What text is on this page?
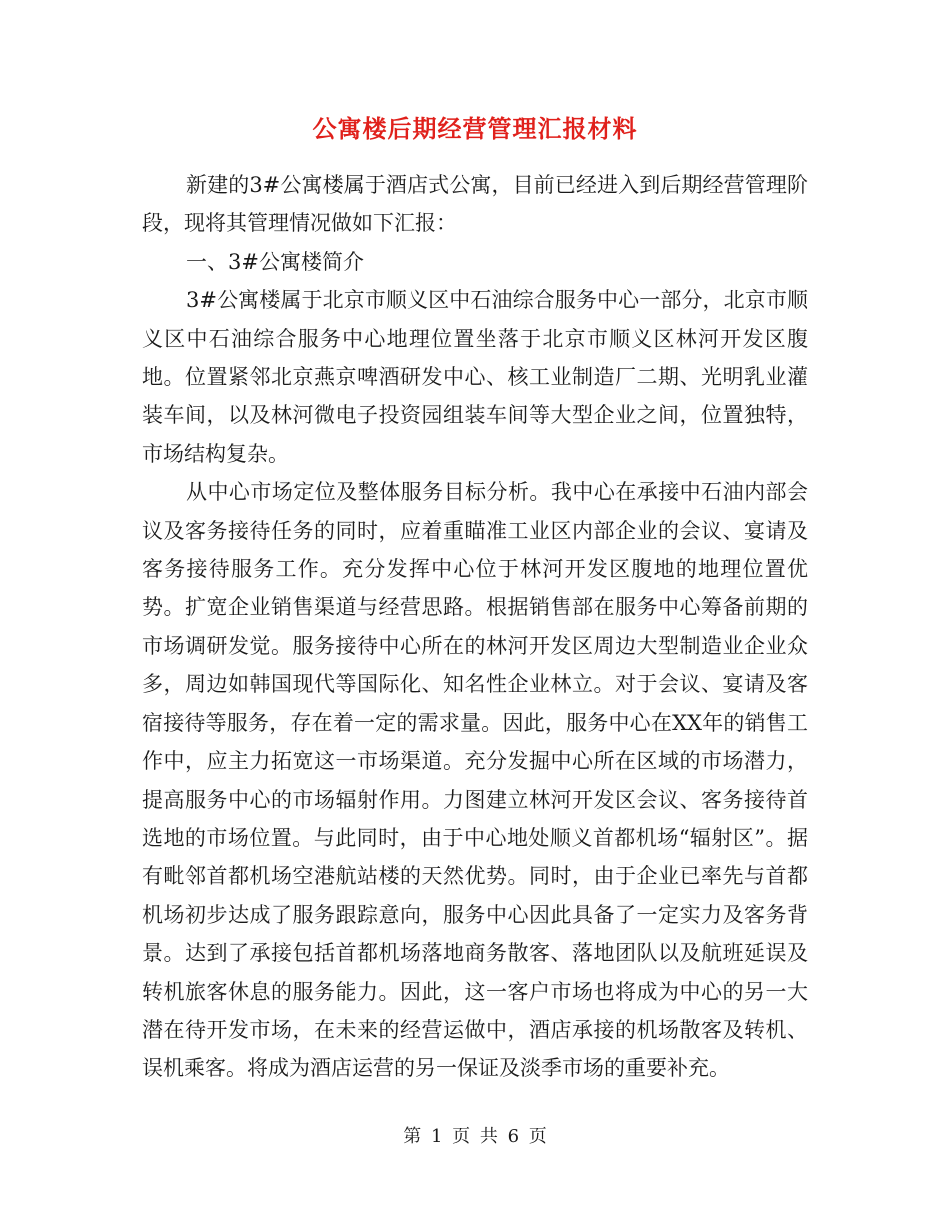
公寓楼后期经营管理汇报材料

新建的3#公寓楼属于酒店式公寓，目前已经进入到后期经营管理阶段，现将其管理情况做如下汇报：

一、3#公寓楼简介

3#公寓楼属于北京市顺义区中石油综合服务中心一部分，北京市顺义区中石油综合服务中心地理位置坐落于北京市顺义区林河开发区腹地。位置紧邻北京燕京啤酒研发中心、核工业制造厂二期、光明乳业灌装车间，以及林河微电子投资园组装车间等大型企业之间，位置独特，市场结构复杂。

从中心市场定位及整体服务目标分析。我中心在承接中石油内部会议及客务接待任务的同时，应着重瞄准工业区内部企业的会议、宴请及客务接待服务工作。充分发挥中心位于林河开发区腹地的地理位置优势。扩宽企业销售渠道与经营思路。根据销售部在服务中心筹备前期的市场调研发觉。服务接待中心所在的林河开发区周边大型制造业企业众多，周边如韩国现代等国际化、知名性企业林立。对于会议、宴请及客宿接待等服务，存在着一定的需求量。因此，服务中心在XX年的销售工作中，应主力拓宽这一市场渠道。充分发掘中心所在区域的市场潜力，提高服务中心的市场辐射作用。力图建立林河开发区会议、客务接待首选地的市场位置。与此同时，由于中心地处顺义首都机场“辐射区”。据有毗邻首都机场空港航站楼的天然优势。同时，由于企业已率先与首都机场初步达成了服务跟踪意向，服务中心因此具备了一定实力及客务背景。达到了承接包括首都机场落地商务散客、落地团队以及航班延误及转机旅客休息的服务能力。因此，这一客户市场也将成为中心的另一大潜在待开发市场，在未来的经营运做中，酒店承接的机场散客及转机、误机乘客。将成为酒店运营的另一保证及淡季市场的重要补充。

第 1 页 共 6 页
